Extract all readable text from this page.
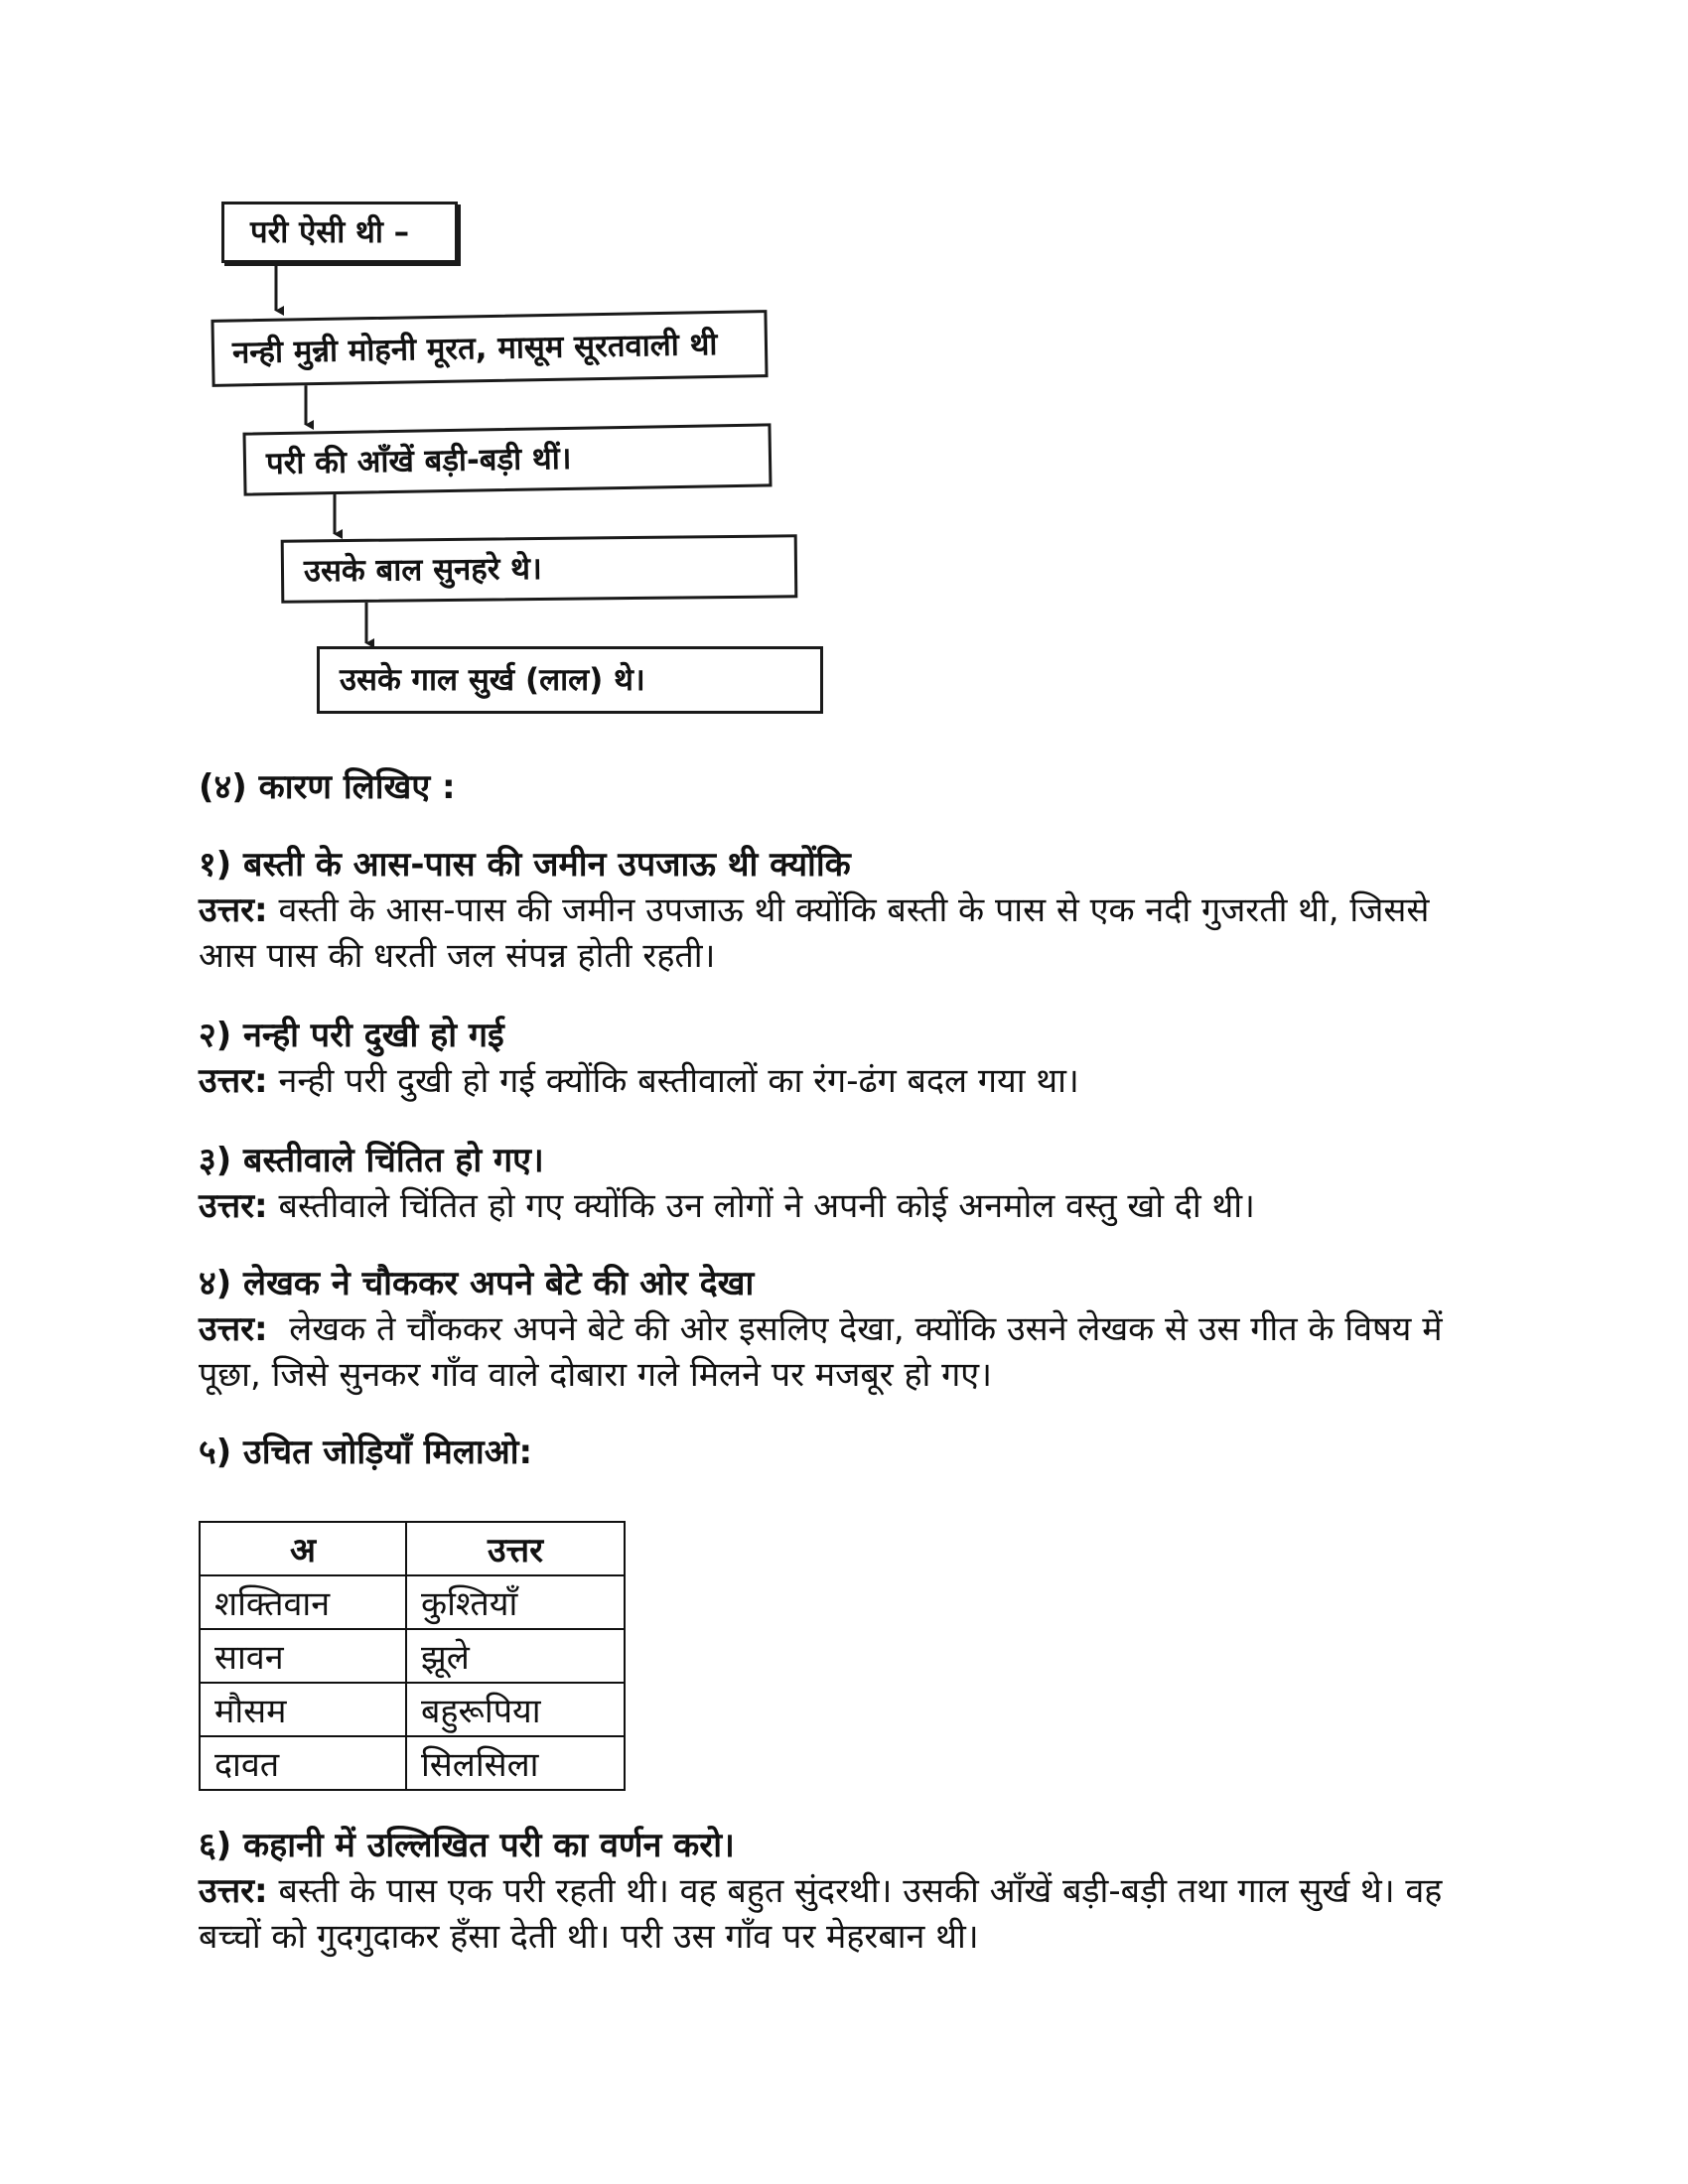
परी ऐसी थी –
नन्ही मुन्नी मोहनी मूरत, मासूम सूरतवाली थी
परी की आँखें बड़ी-बड़ी थीं।
उसके बाल सुनहरे थे।
उसके गाल सुर्ख (लाल) थे।
(४) कारण लिखिए :
१) बस्ती के आस-पास की जमीन उपजाऊ थी क्योंकि
उत्तर: वस्ती के आस-पास की जमीन उपजाऊ थी क्योंकि बस्ती के पास से एक नदी गुजरती थी, जिससे
आस पास की धरती जल संपन्न होती रहती।
२) नन्ही परी दुखी हो गई
उत्तर: नन्ही परी दुखी हो गई क्योंकि बस्तीवालों का रंग-ढंग बदल गया था।
३) बस्तीवाले चिंतित हो गए।
उत्तर: बस्तीवाले चिंतित हो गए क्योंकि उन लोगों ने अपनी कोई अनमोल वस्तु खो दी थी।
४) लेखक ने चौककर अपने बेटे की ओर देखा
उत्तर:  लेखक ते चौंककर अपने बेटे की ओर इसलिए देखा, क्योंकि उसने लेखक से उस गीत के विषय में
पूछा, जिसे सुनकर गाँव वाले दोबारा गले मिलने पर मजबूर हो गए।
५) उचित जोड़ियाँ मिलाओ:
अ	उत्तर
शक्तिवान	कुश्तियाँ
सावन	झूले
मौसम	बहुरूपिया
दावत	सिलसिला
६) कहानी में उल्लिखित परी का वर्णन करो।
उत्तर: बस्ती के पास एक परी रहती थी। वह बहुत सुंदरथी। उसकी आँखें बड़ी-बड़ी तथा गाल सुर्ख थे। वह
बच्चों को गुदगुदाकर हँसा देती थी। परी उस गाँव पर मेहरबान थी।
